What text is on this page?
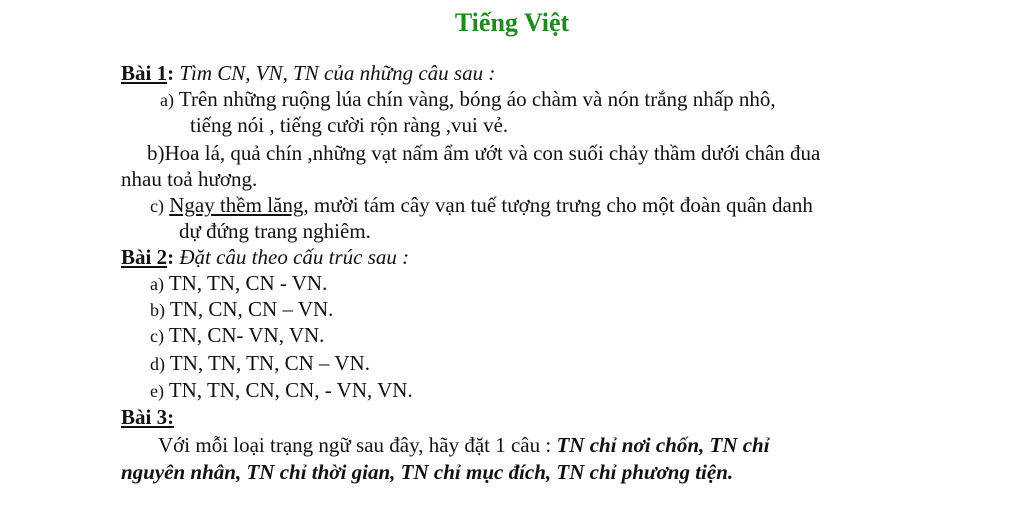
Tiếng Việt
Bài 1: Tìm CN, VN, TN của những câu sau :
a) Trên những ruộng lúa chín vàng, bóng áo chàm và nón trắng nhấp nhô,
tiếng nói , tiếng cười rộn ràng ,vui vẻ.
b)Hoa lá, quả chín ,những vạt nấm ẩm ướt và con suối chảy thầm dưới chân đua
nhau toả hương.
c) Ngay thềm lăng, mười tám cây vạn tuế tượng trưng cho một đoàn quân danh
dự đứng trang nghiêm.
Bài 2: Đặt câu theo cấu trúc sau :
a) TN, TN, CN - VN.
b) TN, CN, CN – VN.
c) TN, CN- VN, VN.
d) TN, TN, TN, CN – VN.
e) TN, TN, CN, CN, - VN, VN.
Bài 3:
Với mỗi loại trạng ngữ sau đây, hãy đặt 1 câu : TN chỉ nơi chốn, TN chỉ
nguyên nhân, TN chỉ thời gian, TN chỉ mục đích, TN chỉ phương tiện.
